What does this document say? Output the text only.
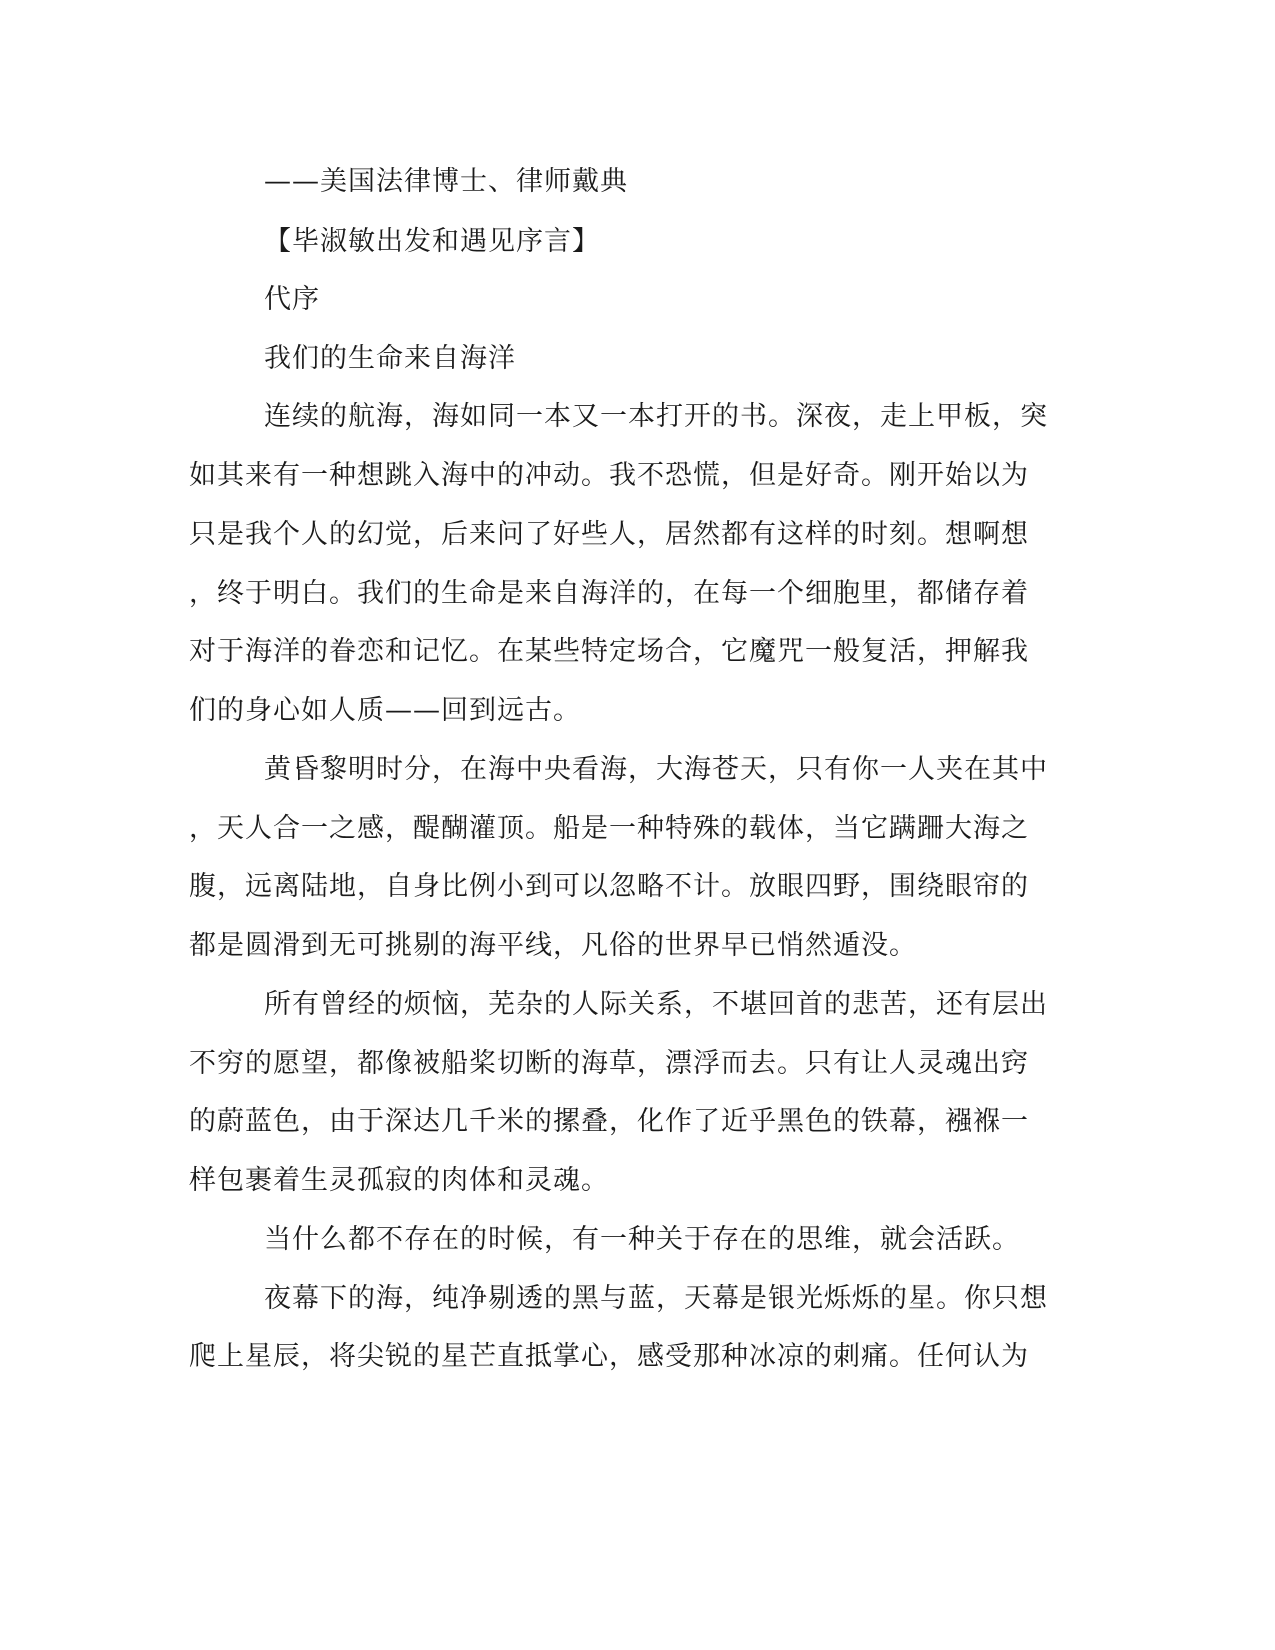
——美国法律博士、律师戴典
【毕淑敏出发和遇见序言】
代序
我们的生命来自海洋
连续的航海，海如同一本又一本打开的书。深夜，走上甲板，突
如其来有一种想跳入海中的冲动。我不恐慌，但是好奇。刚开始以为
只是我个人的幻觉，后来问了好些人，居然都有这样的时刻。想啊想
，终于明白。我们的生命是来自海洋的，在每一个细胞里，都储存着
对于海洋的眷恋和记忆。在某些特定场合，它魔咒一般复活，押解我
们的身心如人质——回到远古。
黄昏黎明时分，在海中央看海，大海苍天，只有你一人夹在其中
，天人合一之感，醍醐灌顶。船是一种特殊的载体，当它蹒跚大海之
腹，远离陆地，自身比例小到可以忽略不计。放眼四野，围绕眼帘的
都是圆滑到无可挑剔的海平线，凡俗的世界早已悄然遁没。
所有曾经的烦恼，芜杂的人际关系，不堪回首的悲苦，还有层出
不穷的愿望，都像被船桨切断的海草，漂浮而去。只有让人灵魂出窍
的蔚蓝色，由于深达几千米的摞叠，化作了近乎黑色的铁幕，襁褓一
样包裹着生灵孤寂的肉体和灵魂。
当什么都不存在的时候，有一种关于存在的思维，就会活跃。
夜幕下的海，纯净剔透的黑与蓝，天幕是银光烁烁的星。你只想
爬上星辰，将尖锐的星芒直抵掌心，感受那种冰凉的刺痛。任何认为
